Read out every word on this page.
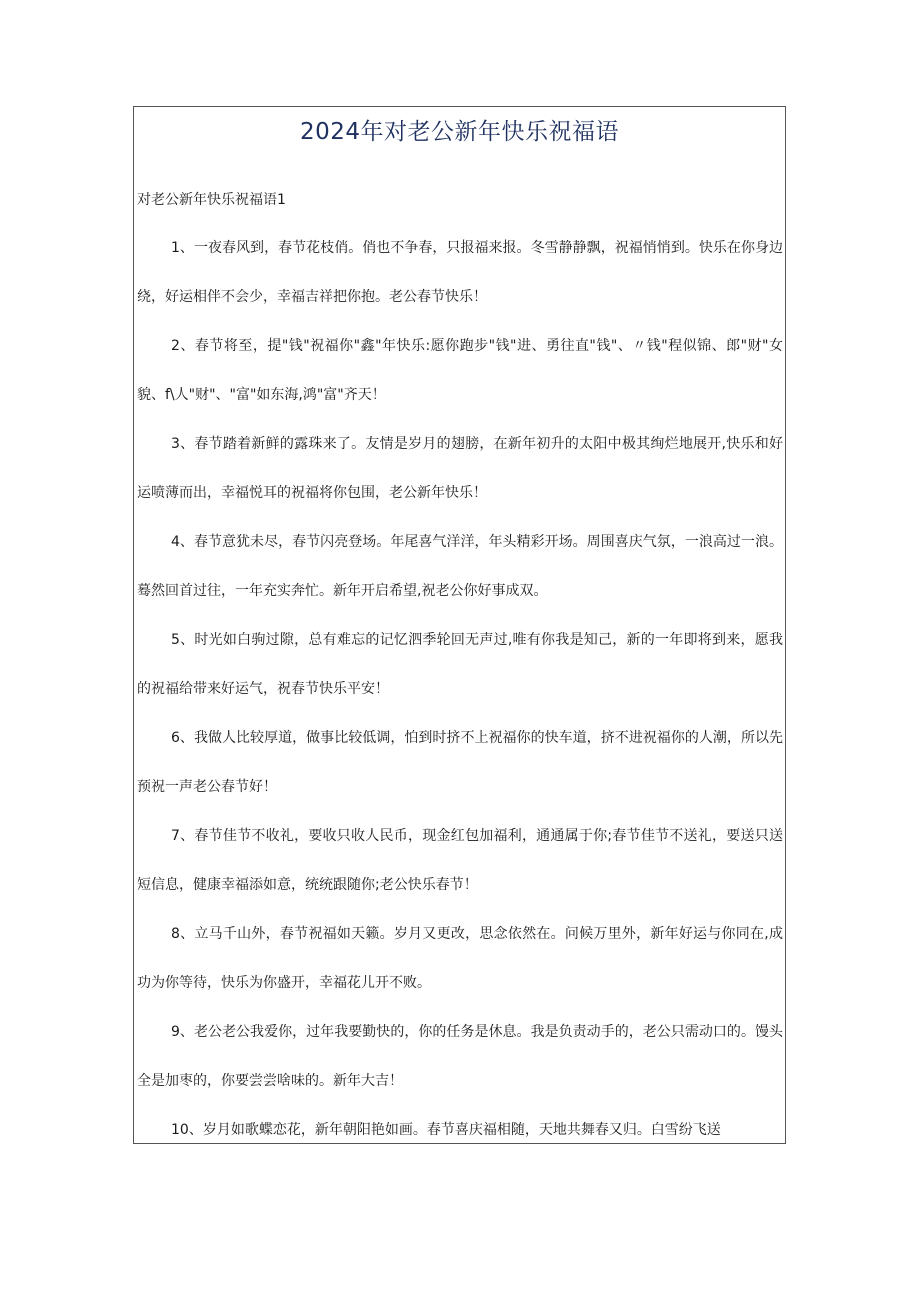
2024年对老公新年快乐祝福语
对老公新年快乐祝福语1

1、一夜春风到，春节花枝俏。俏也不争春，只报福来报。冬雪静静飘，祝福悄悄到。快乐在你身边绕，好运相伴不会少，幸福吉祥把你抱。老公春节快乐！

2、春节将至，提"钱"祝福你"鑫"年快乐:愿你跑步"钱"进、勇往直"钱"、〃钱"程似锦、郎"财"女貌、f\人"财"、"富"如东海,鸿"富"齐天！

3、春节踏着新鲜的露珠来了。友情是岁月的翅膀，在新年初升的太阳中极其绚烂地展开,快乐和好运喷薄而出，幸福悦耳的祝福将你包围，老公新年快乐！

4、春节意犹未尽，春节闪亮登场。年尾喜气洋洋，年头精彩开场。周围喜庆气氛，一浪高过一浪。蓦然回首过往，一年充实奔忙。新年开启希望,祝老公你好事成双。

5、时光如白驹过隙，总有难忘的记忆泗季轮回无声过,唯有你我是知己，新的一年即将到来，愿我的祝福给带来好运气，祝春节快乐平安！

6、我做人比较厚道，做事比较低调，怕到时挤不上祝福你的快车道，挤不进祝福你的人潮，所以先预祝一声老公春节好！

7、春节佳节不收礼，要收只收人民币，现金红包加福利，通通属于你;春节佳节不送礼，要送只送短信息，健康幸福添如意，统统跟随你;老公快乐春节！

8、立马千山外，春节祝福如天籁。岁月又更改，思念依然在。问候万里外，新年好运与你同在,成功为你等待，快乐为你盛开，幸福花儿开不败。

9、老公老公我爱你，过年我要勤快的，你的任务是休息。我是负责动手的，老公只需动口的。馒头全是加枣的，你要尝尝啥味的。新年大吉！

10、岁月如歌蝶恋花，新年朝阳艳如画。春节喜庆福相随，天地共舞春又归。白雪纷飞送
